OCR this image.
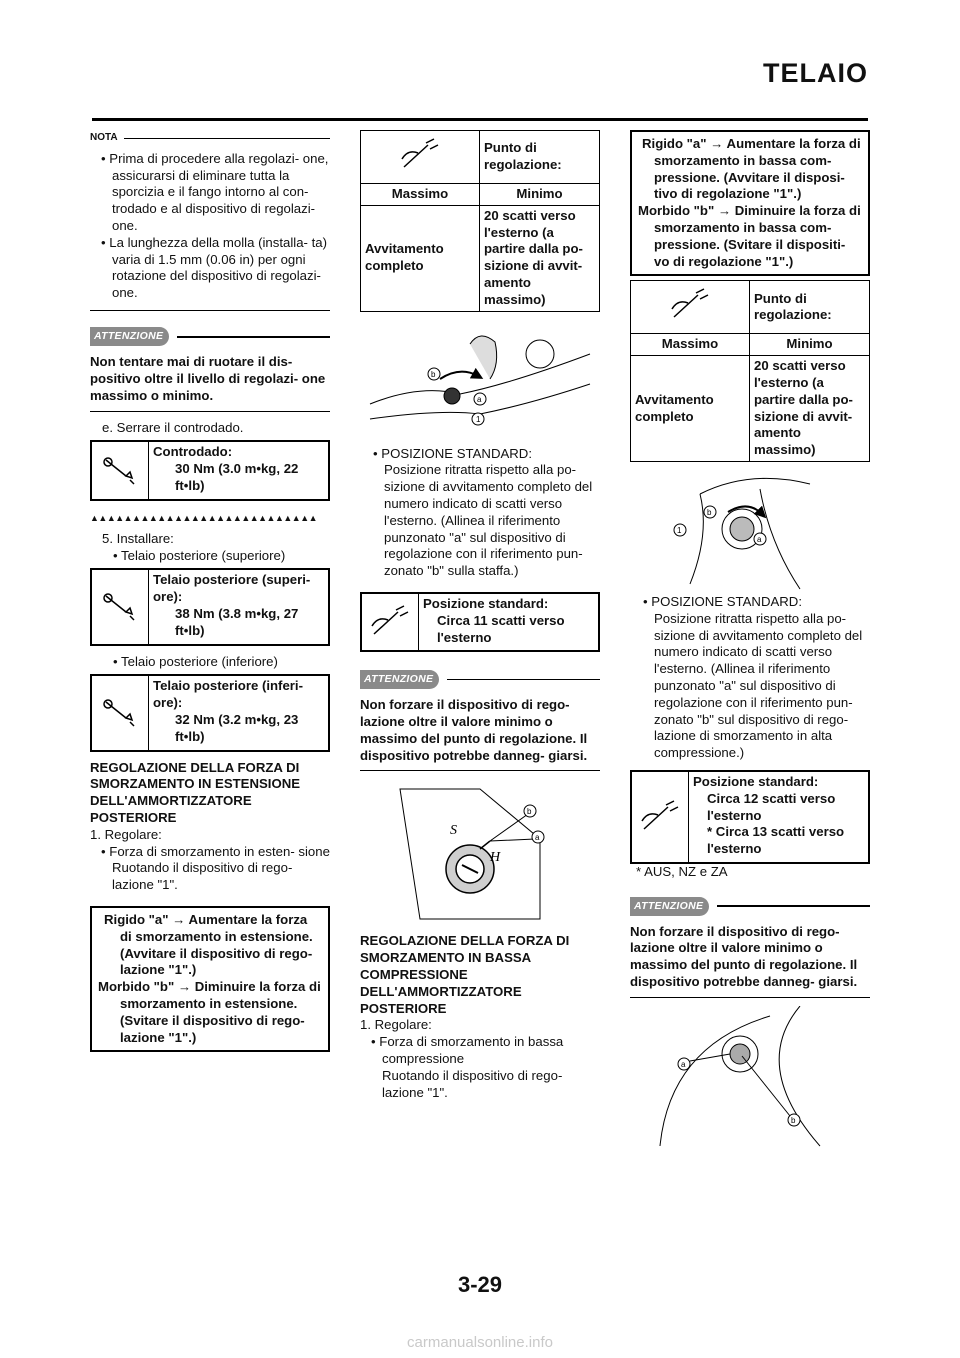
TELAIO
NOTA

• Prima di procedere alla regolazi- one, assicurarsi di eliminare tutta la sporcizia e il fango intorno al con- trodado e al dispositivo di regolazi- one.

• La lunghezza della molla (installa- ta) varia di 1.5 mm (0.06 in) per ogni rotazione del dispositivo di regolazi- one.

ATTENZIONE
Non tentare mai di ruotare il dis- positivo oltre il livello di regolazi- one massimo o minimo.

e. Serrare il controdado.

Controdado:
30 Nm (3.0 m•kg, 22 ft•lb)
▲▲▲▲▲▲▲▲▲▲▲▲▲▲▲▲▲▲▲▲▲▲▲▲▲▲▲

5. Installare:

• Telaio posteriore (superiore)

Telaio posteriore (superi- ore):
38 Nm (3.8 m•kg, 27 ft•lb)

• Telaio posteriore (inferiore)

Telaio posteriore (inferi- ore):
32 Nm (3.2 m•kg, 23 ft•lb)

REGOLAZIONE DELLA FORZA DI SMORZAMENTO IN ESTENSIONE DELL'AMMORTIZZATORE POSTERIORE

1. Regolare:

• Forza di smorzamento in esten- sione

Ruotando il dispositivo di rego- lazione "1".

Rigido "a" → Aumentare la forza di smorzamento in estensione. (Avvitare il dispositivo di rego- lazione "1".)

Morbido "b" → Diminuire la forza di smorzamento in estensione. (Svitare il dispositivo di rego- lazione "1".)

	Punto di regolazione:
Massimo	Minimo
Avvitamento completo	20 scatti verso l'esterno (a partire dalla po- sizione di avvit- amento massimo)
b
a
1

• POSIZIONE STANDARD:

Posizione ritratta rispetto alla po- sizione di avvitamento completo del numero indicato di scatti verso l'esterno. (Allinea il riferimento punzonato "a" sul dispositivo di regolazione con il riferimento pun- zonato "b" sulla staffa.)

Posizione standard:
Circa 11 scatti verso l'esterno
ATTENZIONE
Non forzare il dispositivo di rego- lazione oltre il valore minimo o massimo del punto di regolazione. Il dispositivo potrebbe danneg- giarsi.
S
H
b
a

REGOLAZIONE DELLA FORZA DI SMORZAMENTO IN BASSA COMPRESSIONE DELL'AMMORTIZZATORE POSTERIORE

1. Regolare:

• Forza di smorzamento in bassa compressione

Ruotando il dispositivo di rego- lazione "1".

Rigido "a" → Aumentare la forza di smorzamento in bassa com- pressione. (Avvitare il disposi- tivo di regolazione "1".)

Morbido "b" → Diminuire la forza di smorzamento in bassa com- pressione. (Svitare il dispositi- vo di regolazione "1".)

	Punto di regolazione:
Massimo	Minimo
Avvitamento completo	20 scatti verso l'esterno (a partire dalla po- sizione di avvit- amento massimo)
b
1
a

• POSIZIONE STANDARD:

Posizione ritratta rispetto alla po- sizione di avvitamento completo del numero indicato di scatti verso l'esterno. (Allinea il riferimento punzonato "a" sul dispositivo di regolazione con il riferimento pun- zonato "b" sul dispositivo di rego- lazione di smorzamento in alta compressione.)

Posizione standard:
Circa 12 scatti verso l'esterno
* Circa 13 scatti verso l'esterno

* AUS, NZ e ZA

ATTENZIONE
Non forzare il dispositivo di rego- lazione oltre il valore minimo o massimo del punto di regolazione. Il dispositivo potrebbe danneg- giarsi.
a
b
3-29
carmanualsonline.info
